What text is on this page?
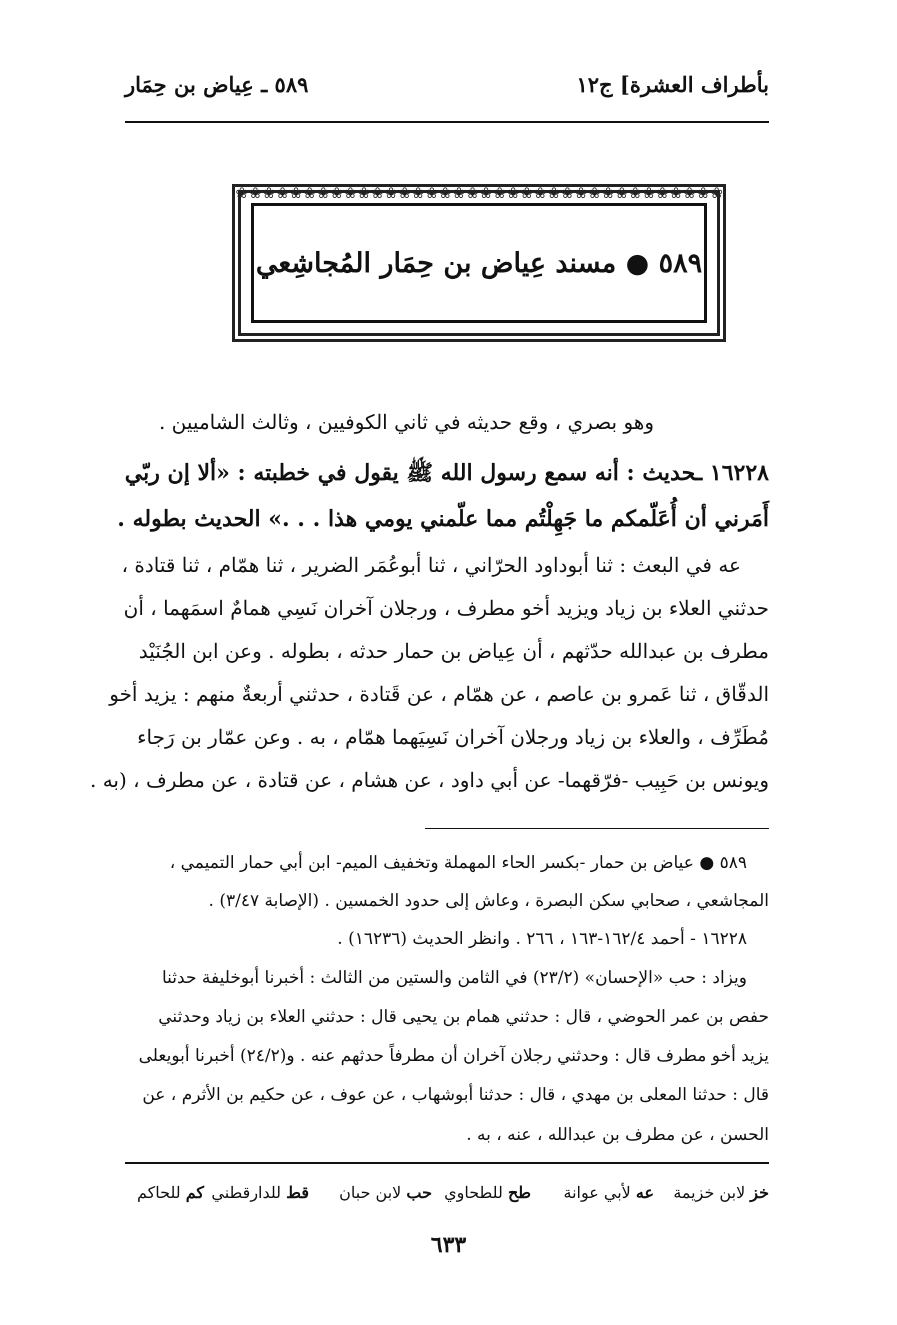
بأطراف العشرة] ج١٢
٥٨٩ ـ عِياض بن حِمَار
❀❀❀❀❀❀❀❀❀❀❀❀❀❀❀❀❀❀❀❀❀❀❀❀❀❀❀❀❀❀❀❀❀❀❀❀
٥٨٩ ● مسند عِياض بن حِمَار المُجاشِعي
وهو بصري ، وقع حديثه في ثاني الكوفيين ، وثالث الشاميين .
١٦٢٢٨ ـحديث : أنه سمع رسول الله ﷺ يقول في خطبته : «ألا إن ربّي
أَمَرني أن أُعَلّمكم ما جَهِلْتُم مما علّمني يومي هذا . . .» الحديث بطوله .
عه في البعث : ثنا أبوداود الحرّاني ، ثنا أبوعُمَر الضرير ، ثنا همّام ، ثنا قتادة ،
حدثني العلاء بن زياد ويزيد أخو مطرف ، ورجلان آخران نَسِي همامٌ اسمَهما ، أن
مطرف بن عبدالله حدّثهم ، أن عِياض بن حمار حدثه ، بطوله . وعن ابن الجُنَيْد
الدقّاق ، ثنا عَمرو بن عاصم ، عن همّام ، عن قَتادة ، حدثني أربعةٌ منهم : يزيد أخو
مُطَرِّف ، والعلاء بن زياد ورجلان آخران نَسِيَهما همّام ، به . وعن عمّار بن رَجاء
ويونس بن حَبِيب -فرّقهما- عن أبي داود ، عن هشام ، عن قتادة ، عن مطرف ، (به .
٥٨٩ ● عياض بن حمار -بكسر الحاء المهملة وتخفيف الميم- ابن أبي حمار التميمي ،
المجاشعي ، صحابي سكن البصرة ، وعاش إلى حدود الخمسين . (الإصابة ٣/٤٧) .
١٦٢٢٨ - أحمد ١٦٢/٤-١٦٣ ، ٢٦٦ . وانظر الحديث (١٦٢٣٦) .
ويزاد : حب «الإحسان» (٢٣/٢) في الثامن والستين من الثالث : أخبرنا أبوخليفة حدثنا
حفص بن عمر الحوضي ، قال : حدثني همام بن يحيى قال : حدثني العلاء بن زياد وحدثني
يزيد أخو مطرف قال : وحدثني رجلان آخران أن مطرفاً حدثهم عنه . و(٢٤/٢) أخبرنا أبويعلى
قال : حدثنا المعلى بن مهدي ، قال : حدثنا أبوشهاب ، عن عوف ، عن حكيم بن الأثرم ، عن
الحسن ، عن مطرف بن عبدالله ، عنه ، به .
خز لابن خزيمة
عه لأبي عوانة
طح للطحاوي
حب لابن حبان
قط للدارقطني
كم للحاكم
٦٣٣
